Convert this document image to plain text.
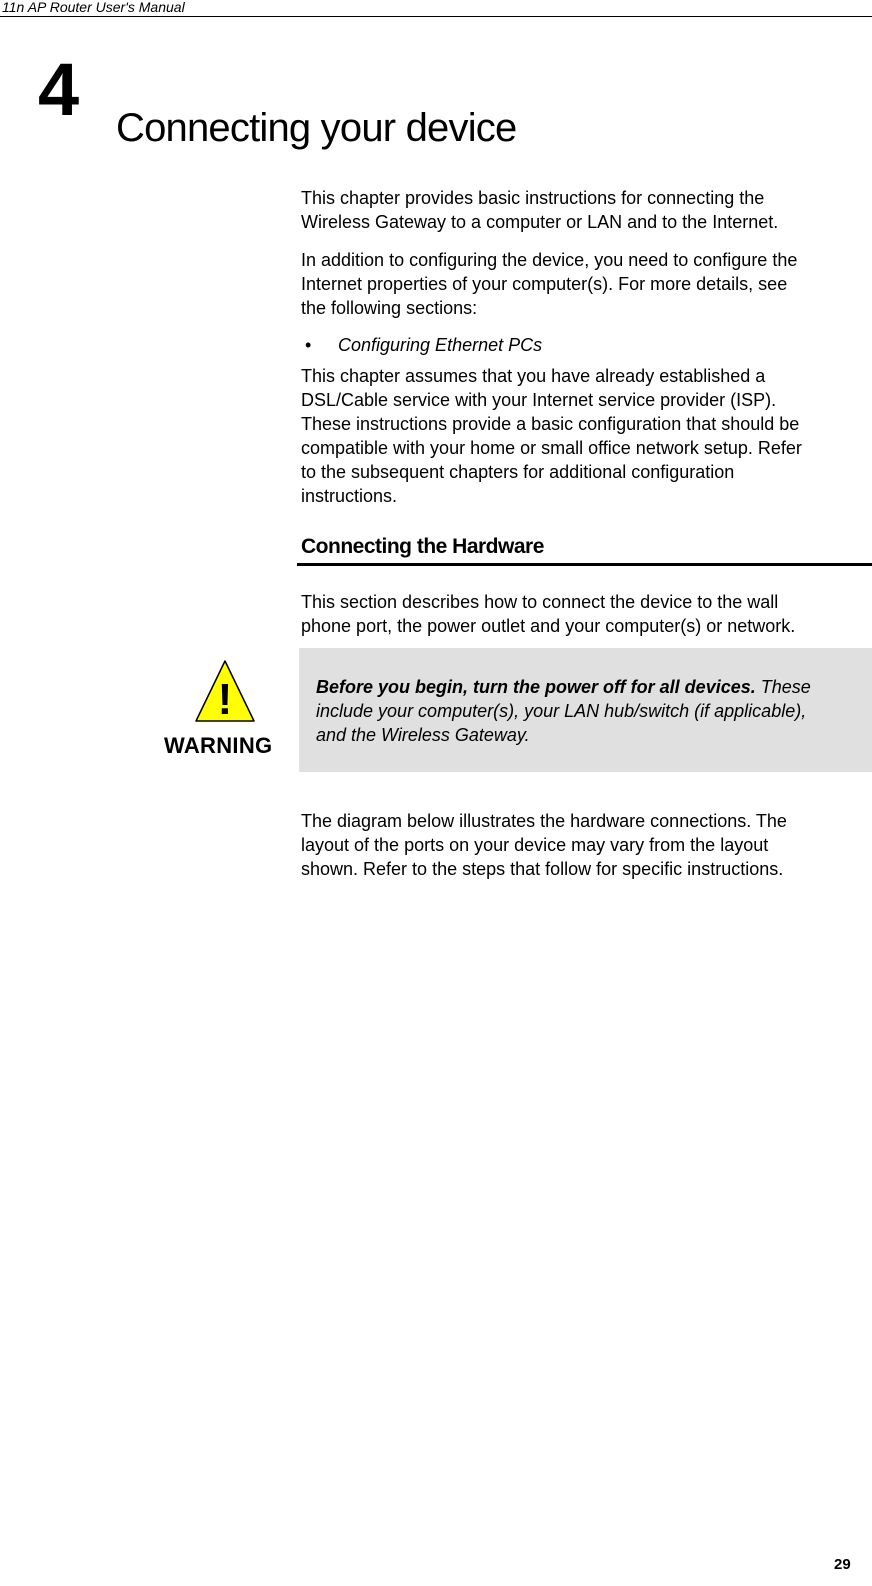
11n AP Router User's Manual
4 Connecting your device

This chapter provides basic instructions for connecting the
Wireless Gateway to a computer or LAN and to the Internet.

In addition to configuring the device, you need to configure the
Internet properties of your computer(s). For more details, see
the following sections:

• Configuring Ethernet PCs

This chapter assumes that you have already established a
DSL/Cable service with your Internet service provider (ISP).
These instructions provide a basic configuration that should be
compatible with your home or small office network setup. Refer
to the subsequent chapters for additional configuration
instructions.

Connecting the Hardware

This section describes how to connect the device to the wall
phone port, the power outlet and your computer(s) or network.

!
WARNING

Before you begin, turn the power off for all devices. These
include your computer(s), your LAN hub/switch (if applicable),
and the Wireless Gateway.

The diagram below illustrates the hardware connections. The
layout of the ports on your device may vary from the layout
shown. Refer to the steps that follow for specific instructions.

29
